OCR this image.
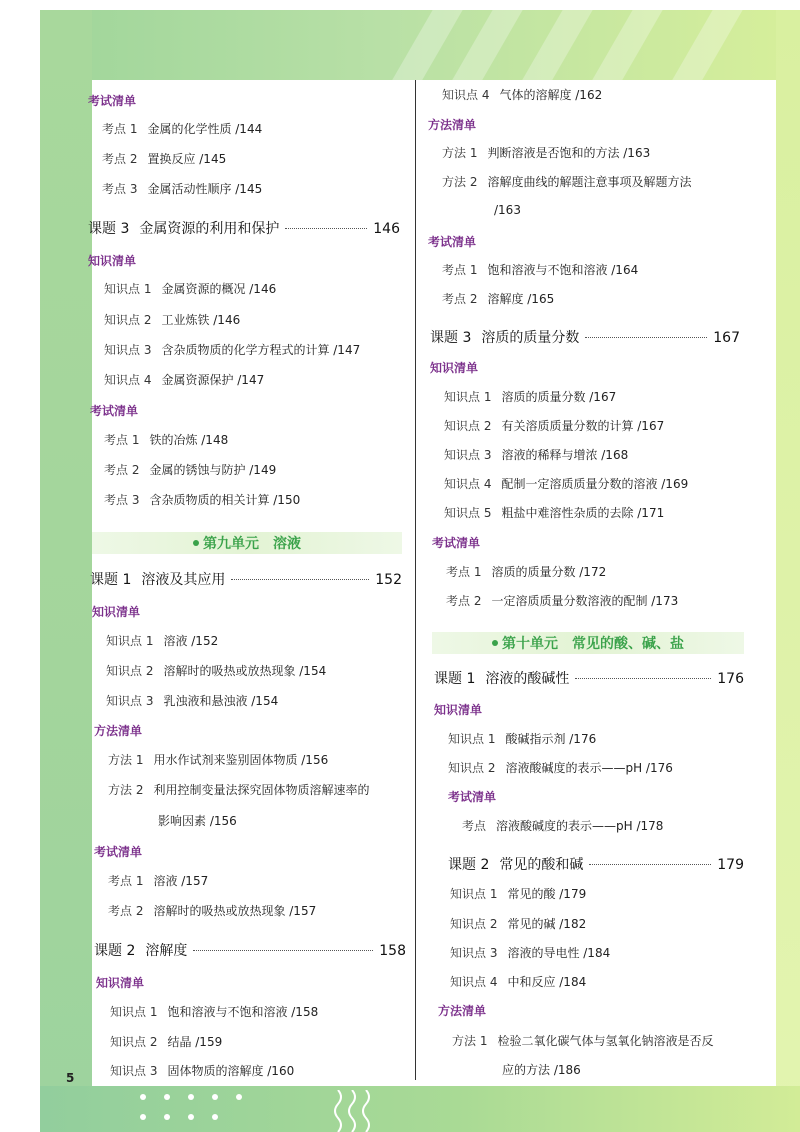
考试清单
考点 1 金属的化学性质 /144
考点 2 置换反应 /145
考点 3 金属活动性顺序 /145
课题 3 金属资源的利用和保护	146
知识清单
知识点 1 金属资源的概况 /146
知识点 2 工业炼铁 /146
知识点 3 含杂质物质的化学方程式的计算 /147
知识点 4 金属资源保护 /147
考试清单
考点 1 铁的冶炼 /148
考点 2 金属的锈蚀与防护 /149
考点 3 含杂质物质的相关计算 /150
第九单元　溶液
课题 1 溶液及其应用	152
知识清单
知识点 1 溶液 /152
知识点 2 溶解时的吸热或放热现象 /154
知识点 3 乳浊液和悬浊液 /154
方法清单
方法 1 用水作试剂来鉴别固体物质 /156
方法 2 利用控制变量法探究固体物质溶解速率的
影响因素 /156
考试清单
考点 1 溶液 /157
考点 2 溶解时的吸热或放热现象 /157
课题 2 溶解度	158
知识清单
知识点 1 饱和溶液与不饱和溶液 /158
知识点 2 结晶 /159
知识点 3 固体物质的溶解度 /160
知识点 4 气体的溶解度 /162
方法清单
方法 1 判断溶液是否饱和的方法 /163
方法 2 溶解度曲线的解题注意事项及解题方法
/163
考试清单
考点 1 饱和溶液与不饱和溶液 /164
考点 2 溶解度 /165
课题 3 溶质的质量分数	167
知识清单
知识点 1 溶质的质量分数 /167
知识点 2 有关溶质质量分数的计算 /167
知识点 3 溶液的稀释与增浓 /168
知识点 4 配制一定溶质质量分数的溶液 /169
知识点 5 粗盐中难溶性杂质的去除 /171
考试清单
考点 1 溶质的质量分数 /172
考点 2 一定溶质质量分数溶液的配制 /173
第十单元　常见的酸、碱、盐
课题 1 溶液的酸碱性	176
知识清单
知识点 1 酸碱指示剂 /176
知识点 2 溶液酸碱度的表示——pH /176
考试清单
考点 溶液酸碱度的表示——pH /178
课题 2 常见的酸和碱	179
知识点 1 常见的酸 /179
知识点 2 常见的碱 /182
知识点 3 溶液的导电性 /184
知识点 4 中和反应 /184
方法清单
方法 1 检验二氧化碳气体与氢氧化钠溶液是否反
应的方法 /186
5
